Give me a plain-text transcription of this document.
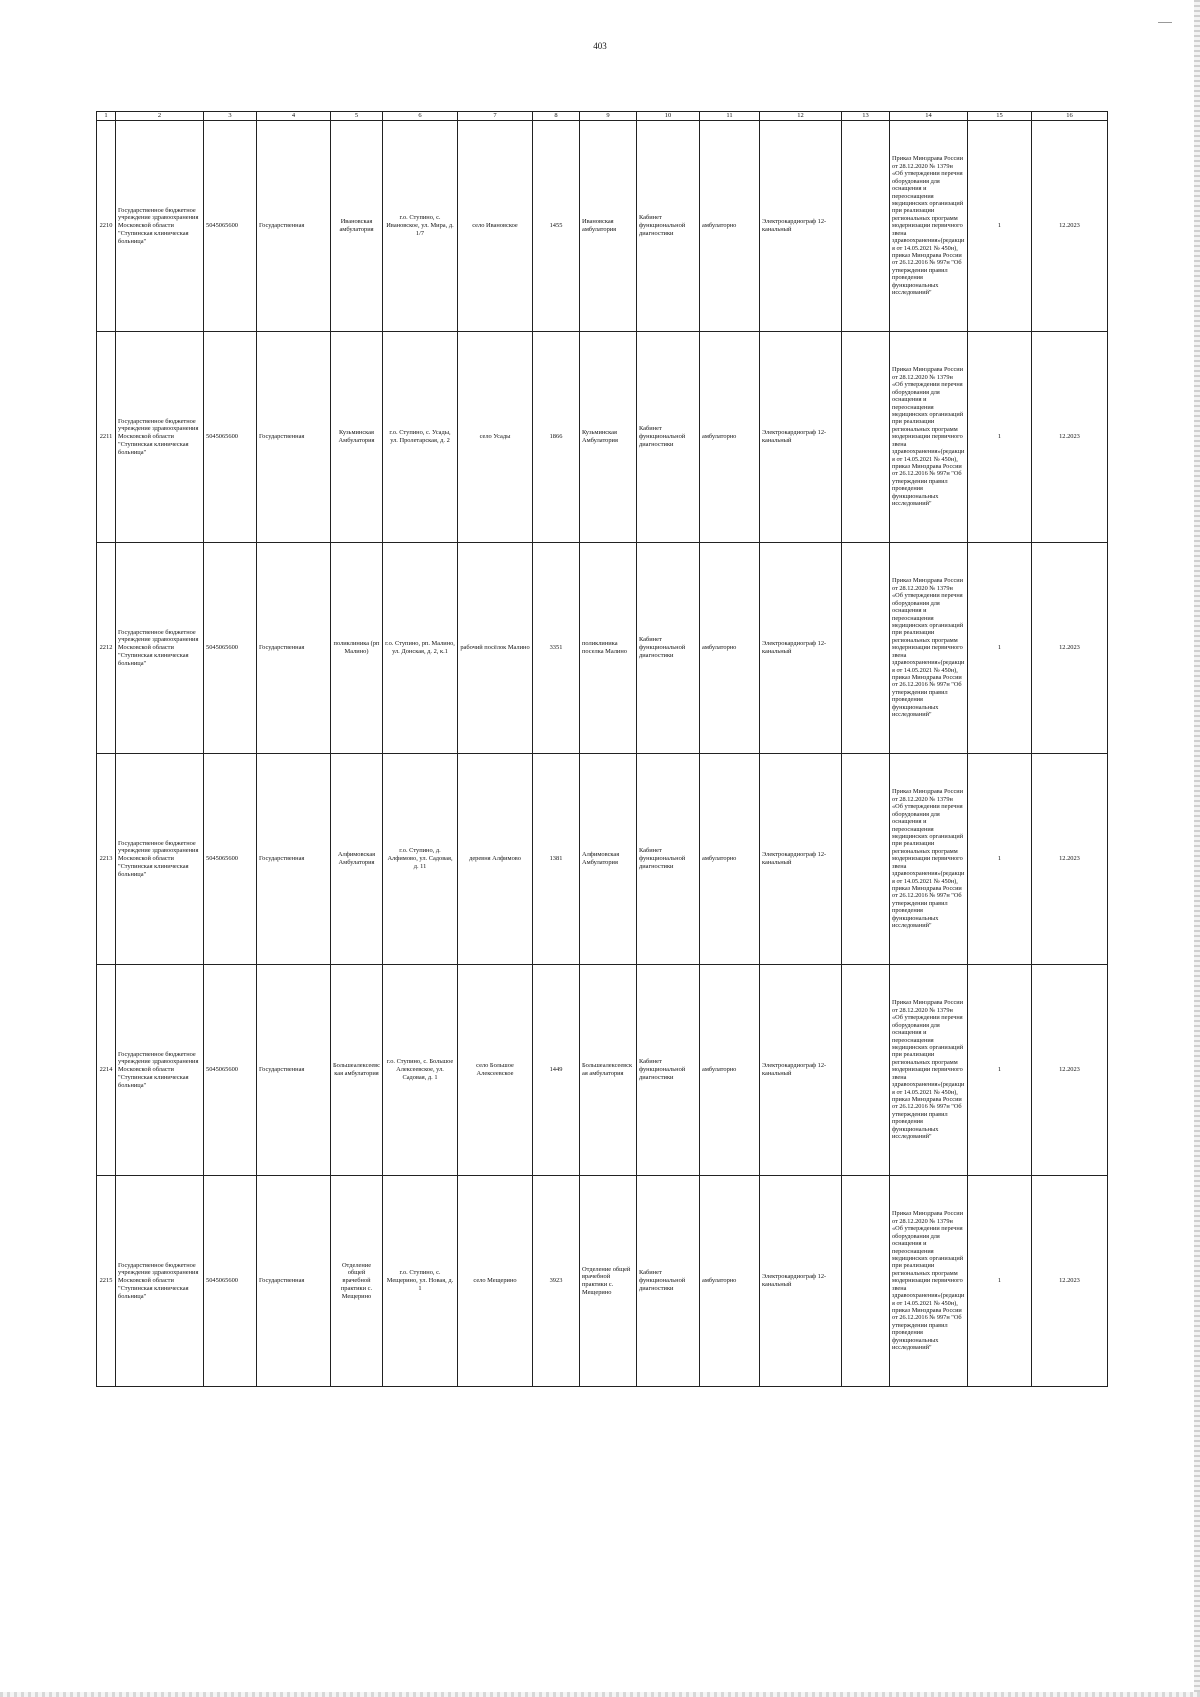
403
1	2	3	4	5	6	7	8	9	10	11	12	13	14	15	16
2210	Государственное бюджетное учреждение здравоохранения Московской области "Ступинская клиническая больница"	5045065600	Государственная	Ивановская амбулатория	г.о. Ступино, с. Ивановское, ул. Мира, д. 1/7	село Ивановское	1455	Ивановская амбулатория	Кабинет функциональной диагностики	амбулаторно	Электрокардиограф 12-канальный		Приказ Минздрава России от 28.12.2020 № 1379н «Об утверждении перечня оборудования для оснащения и переоснащения медицинских организаций при реализации региональных программ модернизации первичного звена здравоохранения»(редакция от 14.05.2021 № 450н), приказ Минздрава России от 26.12.2016 № 997н "Об утверждении правил проведения функциональных исследований"	1	12.2023
2211	Государственное бюджетное учреждение здравоохранения Московской области "Ступинская клиническая больница"	5045065600	Государственная	Кузьминская Амбулатория	г.о. Ступино, с. Усады, ул. Пролетарская, д. 2	село Усады	1866	Кузьминская Амбулатория	Кабинет функциональной диагностики	амбулаторно	Электрокардиограф 12-канальный		Приказ Минздрава России от 28.12.2020 № 1379н «Об утверждении перечня оборудования для оснащения и переоснащения медицинских организаций при реализации региональных программ модернизации первичного звена здравоохранения»(редакция от 14.05.2021 № 450н), приказ Минздрава России от 26.12.2016 № 997н "Об утверждении правил проведения функциональных исследований"	1	12.2023
2212	Государственное бюджетное учреждение здравоохранения Московской области "Ступинская клиническая больница"	5045065600	Государственная	поликлиника (рп Малино)	г.о. Ступино, рп. Малино, ул. Донская, д. 2, к.1	рабочий посёлок Малино	3351	поликлиника поселка Малино	Кабинет функциональной диагностики	амбулаторно	Электрокардиограф 12-канальный		Приказ Минздрава России от 28.12.2020 № 1379н «Об утверждении перечня оборудования для оснащения и переоснащения медицинских организаций при реализации региональных программ модернизации первичного звена здравоохранения»(редакция от 14.05.2021 № 450н), приказ Минздрава России от 26.12.2016 № 997н "Об утверждении правил проведения функциональных исследований"	1	12.2023
2213	Государственное бюджетное учреждение здравоохранения Московской области "Ступинская клиническая больница"	5045065600	Государственная	Алфимовская Амбулатория	г.о. Ступино, д. Алфимово, ул. Садовая, д. 11	деревня Алфимово	1381	Алфимовская Амбулатория	Кабинет функциональной диагностики	амбулаторно	Электрокардиограф 12-канальный		Приказ Минздрава России от 28.12.2020 № 1379н «Об утверждении перечня оборудования для оснащения и переоснащения медицинских организаций при реализации региональных программ модернизации первичного звена здравоохранения»(редакция от 14.05.2021 № 450н), приказ Минздрава России от 26.12.2016 № 997н "Об утверждении правил проведения функциональных исследований"	1	12.2023
2214	Государственное бюджетное учреждение здравоохранения Московской области "Ступинская клиническая больница"	5045065600	Государственная	Большеалексеевская амбулатория	г.о. Ступино, с. Большое Алексеевское, ул. Садовая, д. 1	село Большое Алексеевское	1449	Большеалексеевская амбулатория	Кабинет функциональной диагностики	амбулаторно	Электрокардиограф 12-канальный		Приказ Минздрава России от 28.12.2020 № 1379н «Об утверждении перечня оборудования для оснащения и переоснащения медицинских организаций при реализации региональных программ модернизации первичного звена здравоохранения»(редакция от 14.05.2021 № 450н), приказ Минздрава России от 26.12.2016 № 997н "Об утверждении правил проведения функциональных исследований"	1	12.2023
2215	Государственное бюджетное учреждение здравоохранения Московской области "Ступинская клиническая больница"	5045065600	Государственная	Отделение общей врачебной практики с. Мещерино	г.о. Ступино, с. Мещерино, ул. Новая, д. 1	село Мещерино	3923	Отделение общей врачебной практики с. Мещерино	Кабинет функциональной диагностики	амбулаторно	Электрокардиограф 12-канальный		Приказ Минздрава России от 28.12.2020 № 1379н «Об утверждении перечня оборудования для оснащения и переоснащения медицинских организаций при реализации региональных программ модернизации первичного звена здравоохранения»(редакция от 14.05.2021 № 450н), приказ Минздрава России от 26.12.2016 № 997н "Об утверждении правил проведения функциональных исследований"	1	12.2023
